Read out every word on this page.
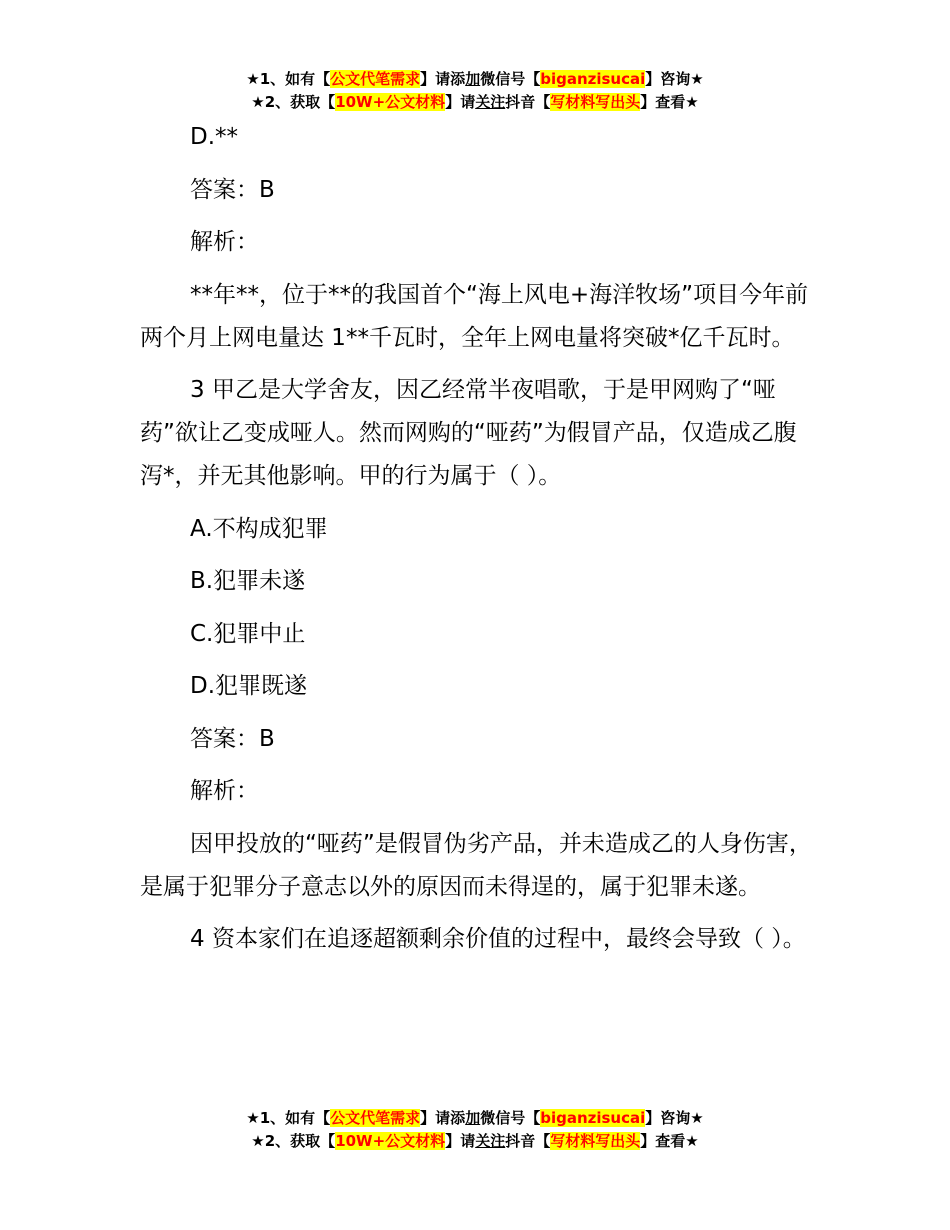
★1、如有【公文代笔需求】请添加微信号【biganzisucai】咨询★
★2、获取【10W+公文材料】请关注抖音【写材料写出头】查看★
D.**
答案：B
解析：
**年**，位于**的我国首个“海上风电+海洋牧场”项目今年前两个月上网电量达 1**千瓦时，全年上网电量将突破*亿千瓦时。
3 甲乙是大学舍友，因乙经常半夜唱歌，于是甲网购了“哑药”欲让乙变成哑人。然而网购的“哑药”为假冒产品，仅造成乙腹泻*，并无其他影响。甲的行为属于（ ）。
A.不构成犯罪
B.犯罪未遂
C.犯罪中止
D.犯罪既遂
答案：B
解析：
因甲投放的“哑药”是假冒伪劣产品，并未造成乙的人身伤害，是属于犯罪分子意志以外的原因而未得逞的，属于犯罪未遂。
4 资本家们在追逐超额剩余价值的过程中，最终会导致（ ）。
★1、如有【公文代笔需求】请添加微信号【biganzisucai】咨询★
★2、获取【10W+公文材料】请关注抖音【写材料写出头】查看★
